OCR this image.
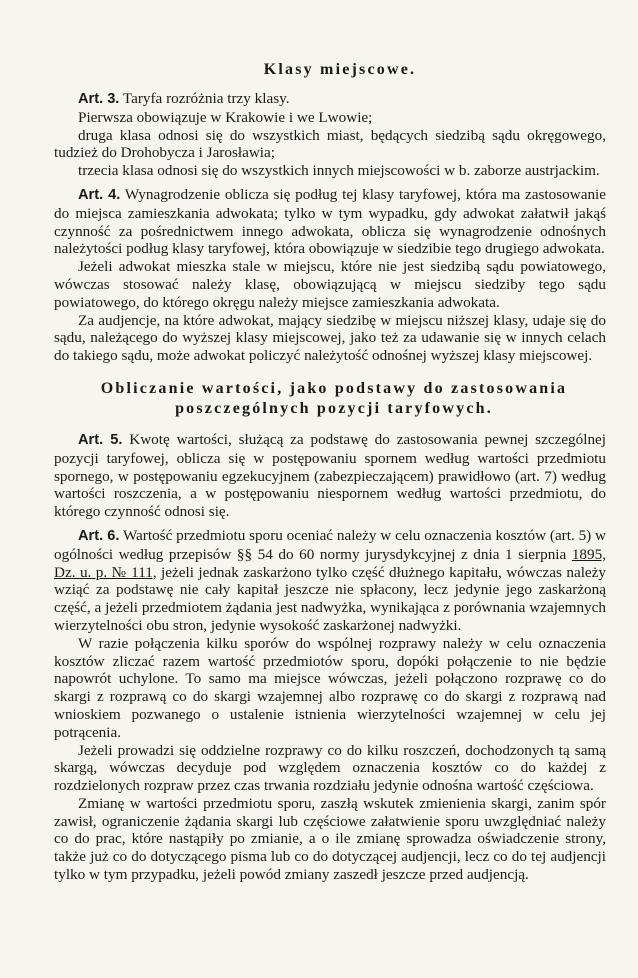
Klasy miejscowe.

Art. 3. Taryfa rozróżnia trzy klasy.

Pierwsza obowiązuje w Krakowie i we Lwowie;

druga klasa odnosi się do wszystkich miast, będących siedzibą sądu okręgowego, tudzież do Drohobycza i Jarosławia;

trzecia klasa odnosi się do wszystkich innych miejscowości w b. zaborze austrjackim.

Art. 4. Wynagrodzenie oblicza się podług tej klasy taryfowej, która ma zastosowanie do miejsca zamieszkania adwokata; tylko w tym wypadku, gdy adwokat załatwił jakąś czynność za pośrednictwem innego adwokata, oblicza się wynagrodzenie odnośnych należytości podług klasy taryfowej, która obowiązuje w siedzibie tego drugiego adwokata.

Jeżeli adwokat mieszka stale w miejscu, które nie jest siedzibą sądu powiatowego, wówczas stosować należy klasę, obowiązującą w miejscu siedziby tego sądu powiatowego, do którego okręgu należy miejsce zamieszkania adwokata.

Za audjencje, na które adwokat, mający siedzibę w miejscu niższej klasy, udaje się do sądu, należącego do wyższej klasy miejscowej, jako też za udawanie się w innych celach do takiego sądu, może adwokat policzyć należytość odnośnej wyższej klasy miejscowej.

Obliczanie wartości, jako podstawy do zastosowania
poszczególnych pozycji taryfowych.

Art. 5. Kwotę wartości, służącą za podstawę do zastosowania pewnej szczególnej pozycji taryfowej, oblicza się w postępowaniu spornem według wartości przedmiotu spornego, w postępowaniu egzekucyjnem (zabezpieczającem) prawidłowo (art. 7) według wartości roszczenia, a w postępowaniu niespornem według wartości przedmiotu, do którego czynność odnosi się.

Art. 6. Wartość przedmiotu sporu oceniać należy w celu oznaczenia kosztów (art. 5) w ogólności według przepisów §§ 54 do 60 normy jurysdykcyjnej z dnia 1 sierpnia 1895, Dz. u. p. № 111, jeżeli jednak zaskarżono tylko część dłużnego kapitału, wówczas należy wziąć za podstawę nie cały kapitał jeszcze nie spłacony, lecz jedynie jego zaskarżoną część, a jeżeli przedmiotem żądania jest nadwyżka, wynikająca z porównania wzajemnych wierzytelności obu stron, jedynie wysokość zaskarżonej nadwyżki.

W razie połączenia kilku sporów do wspólnej rozprawy należy w celu oznaczenia kosztów zliczać razem wartość przedmiotów sporu, dopóki połączenie to nie będzie napowrót uchylone. To samo ma miejsce wówczas, jeżeli połączono rozprawę co do skargi z rozprawą co do skargi wzajemnej albo rozprawę co do skargi z rozprawą nad wnioskiem pozwanego o ustalenie istnienia wierzytelności wzajemnej w celu jej potrącenia.

Jeżeli prowadzi się oddzielne rozprawy co do kilku roszczeń, dochodzonych tą samą skargą, wówczas decyduje pod względem oznaczenia kosztów co do każdej z rozdzielonych rozpraw przez czas trwania rozdziału jedynie odnośna wartość częściowa.

Zmianę w wartości przedmiotu sporu, zaszłą wskutek zmienienia skargi, zanim spór zawisł, ograniczenie żądania skargi lub częściowe załatwienie sporu uwzględniać należy co do prac, które nastąpiły po zmianie, a o ile zmianę sprowadza oświadczenie strony, także już co do dotyczącego pisma lub co do dotyczącej audjencji, lecz co do tej audjencji tylko w tym przypadku, jeżeli powód zmiany zaszedł jeszcze przed audjencją.
